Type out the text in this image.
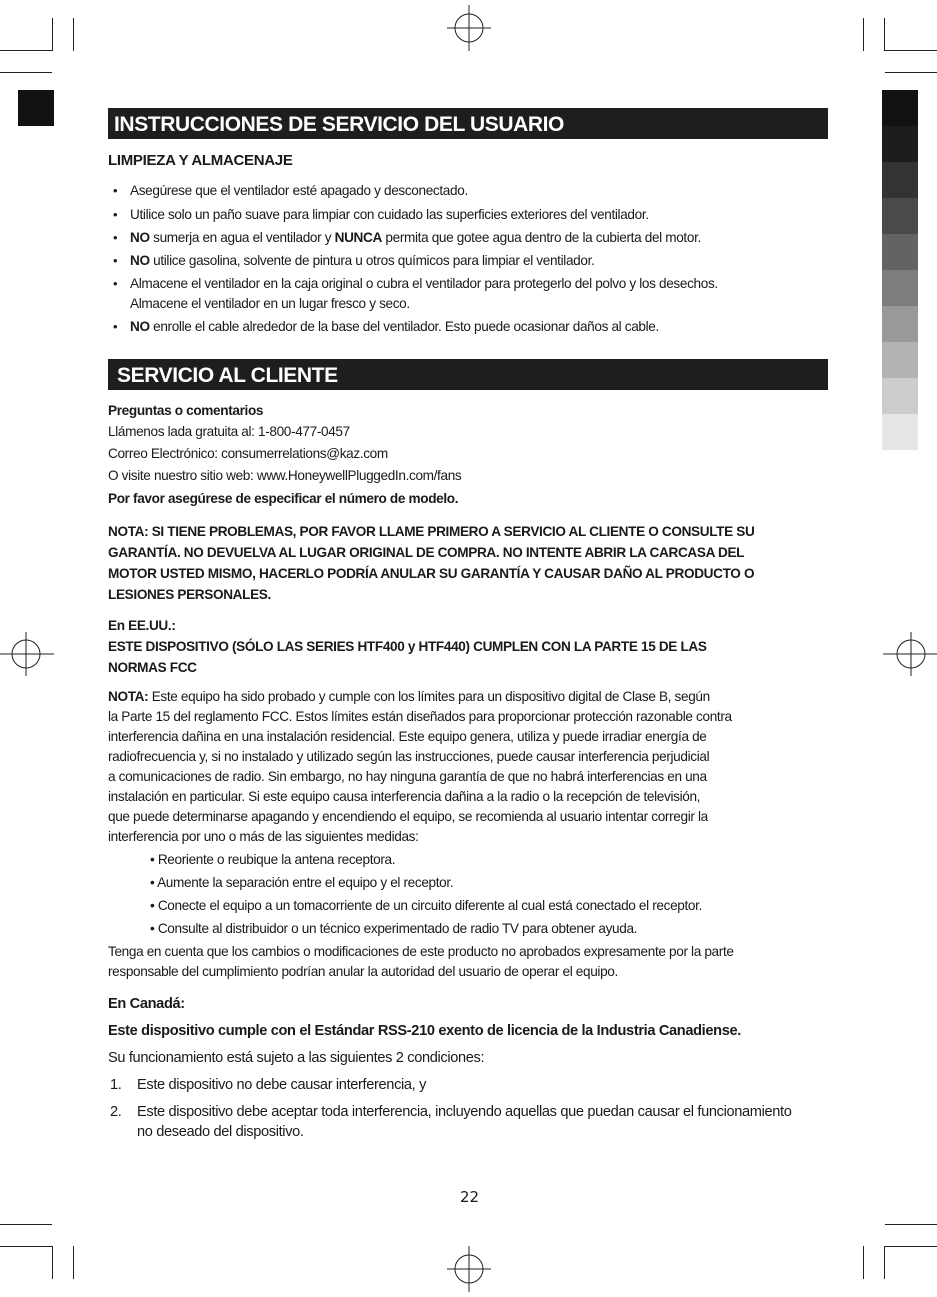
INSTRUCCIONES DE SERVICIO DEL USUARIO
LIMPIEZA Y ALMACENAJE
• Asegúrese que el ventilador esté apagado y desconectado.
• Utilice solo un paño suave para limpiar con cuidado las superficies exteriores del ventilador.
• NO sumerja en agua el ventilador y NUNCA permita que gotee agua dentro de la cubierta del motor.
• NO utilice gasolina, solvente de pintura u otros químicos para limpiar el ventilador.
• Almacene el ventilador en la caja original o cubra el ventilador para protegerlo del polvo y los desechos.
Almacene el ventilador en un lugar fresco y seco.
• NO enrolle el cable alrededor de la base del ventilador. Esto puede ocasionar daños al cable.
SERVICIO AL CLIENTE
Preguntas o comentarios
Llámenos lada gratuita al: 1-800-477-0457
Correo Electrónico: consumerrelations@kaz.com
O visite nuestro sitio web: www.HoneywellPluggedIn.com/fans
Por favor asegúrese de especificar el número de modelo.
NOTA: SI TIENE PROBLEMAS, POR FAVOR LLAME PRIMERO A SERVICIO AL CLIENTE O CONSULTE SU
GARANTÍA. NO DEVUELVA AL LUGAR ORIGINAL DE COMPRA. NO INTENTE ABRIR LA CARCASA DEL
MOTOR USTED MISMO, HACERLO PODRÍA ANULAR SU GARANTÍA Y CAUSAR DAÑO AL PRODUCTO O
LESIONES PERSONALES.
En EE.UU.:
ESTE DISPOSITIVO (SÓLO LAS SERIES HTF400 y HTF440) CUMPLEN CON LA PARTE 15 DE LAS
NORMAS FCC
NOTA: Este equipo ha sido probado y cumple con los límites para un dispositivo digital de Clase B, según
la Parte 15 del reglamento FCC. Estos límites están diseñados para proporcionar protección razonable contra
interferencia dañina en una instalación residencial. Este equipo genera, utiliza y puede irradiar energía de
radiofrecuencia y, si no instalado y utilizado según las instrucciones, puede causar interferencia perjudicial
a comunicaciones de radio. Sin embargo, no hay ninguna garantía de que no habrá interferencias en una
instalación en particular. Si este equipo causa interferencia dañina a la radio o la recepción de televisión,
que puede determinarse apagando y encendiendo el equipo, se recomienda al usuario intentar corregir la
interferencia por uno o más de las siguientes medidas:
• Reoriente o reubique la antena receptora.
• Aumente la separación entre el equipo y el receptor.
• Conecte el equipo a un tomacorriente de un circuito diferente al cual está conectado el receptor.
• Consulte al distribuidor o un técnico experimentado de radio TV para obtener ayuda.
Tenga en cuenta que los cambios o modificaciones de este producto no aprobados expresamente por la parte
responsable del cumplimiento podrían anular la autoridad del usuario de operar el equipo.
En Canadá:
Este dispositivo cumple con el Estándar RSS-210 exento de licencia de la Industria Canadiense.
Su funcionamiento está sujeto a las siguientes 2 condiciones:
1. Este dispositivo no debe causar interferencia, y
2. Este dispositivo debe aceptar toda interferencia, incluyendo aquellas que puedan causar el funcionamiento
no deseado del dispositivo.
22
